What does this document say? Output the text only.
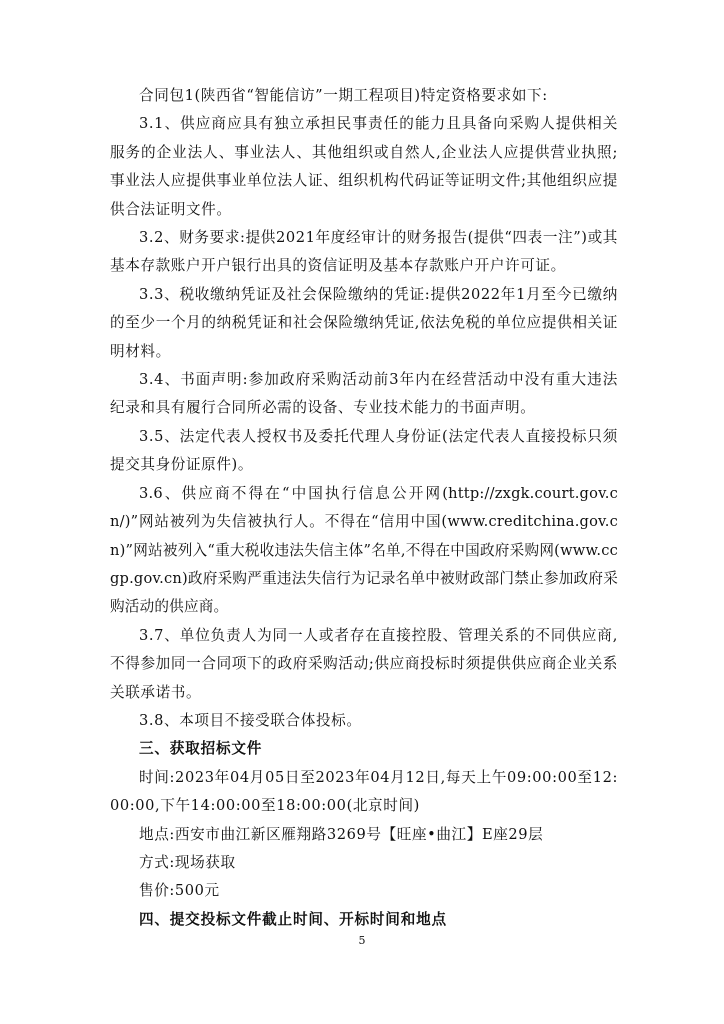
合同包1(陕西省“智能信访”一期工程项目)特定资格要求如下:

3.1、供应商应具有独立承担民事责任的能力且具备向采购人提供相关服务的企业法人、事业法人、其他组织或自然人,企业法人应提供营业执照;事业法人应提供事业单位法人证、组织机构代码证等证明文件;其他组织应提供合法证明文件。

3.2、财务要求:提供2021年度经审计的财务报告(提供“四表一注”)或其基本存款账户开户银行出具的资信证明及基本存款账户开户许可证。

3.3、税收缴纳凭证及社会保险缴纳的凭证:提供2022年1月至今已缴纳的至少一个月的纳税凭证和社会保险缴纳凭证,依法免税的单位应提供相关证明材料。

3.4、书面声明:参加政府采购活动前3年内在经营活动中没有重大违法纪录和具有履行合同所必需的设备、专业技术能力的书面声明。

3.5、法定代表人授权书及委托代理人身份证(法定代表人直接投标只须提交其身份证原件)。

3.6、供应商不得在“中国执行信息公开网(http://zxgk.court.gov.cn/)”网站被列为失信被执行人。不得在“信用中国(www.creditchina.gov.cn)”网站被列入“重大税收违法失信主体”名单,不得在中国政府采购网(www.ccgp.gov.cn)政府采购严重违法失信行为记录名单中被财政部门禁止参加政府采购活动的供应商。

3.7、单位负责人为同一人或者存在直接控股、管理关系的不同供应商,不得参加同一合同项下的政府采购活动;供应商投标时须提供供应商企业关系关联承诺书。

3.8、本项目不接受联合体投标。

三、获取招标文件

时间:2023年04月05日至2023年04月12日,每天上午09:00:00至12:00:00,下午14:00:00至18:00:00(北京时间)

地点:西安市曲江新区雁翔路3269号【旺座•曲江】E座29层

方式:现场获取

售价:500元

四、提交投标文件截止时间、开标时间和地点

5
